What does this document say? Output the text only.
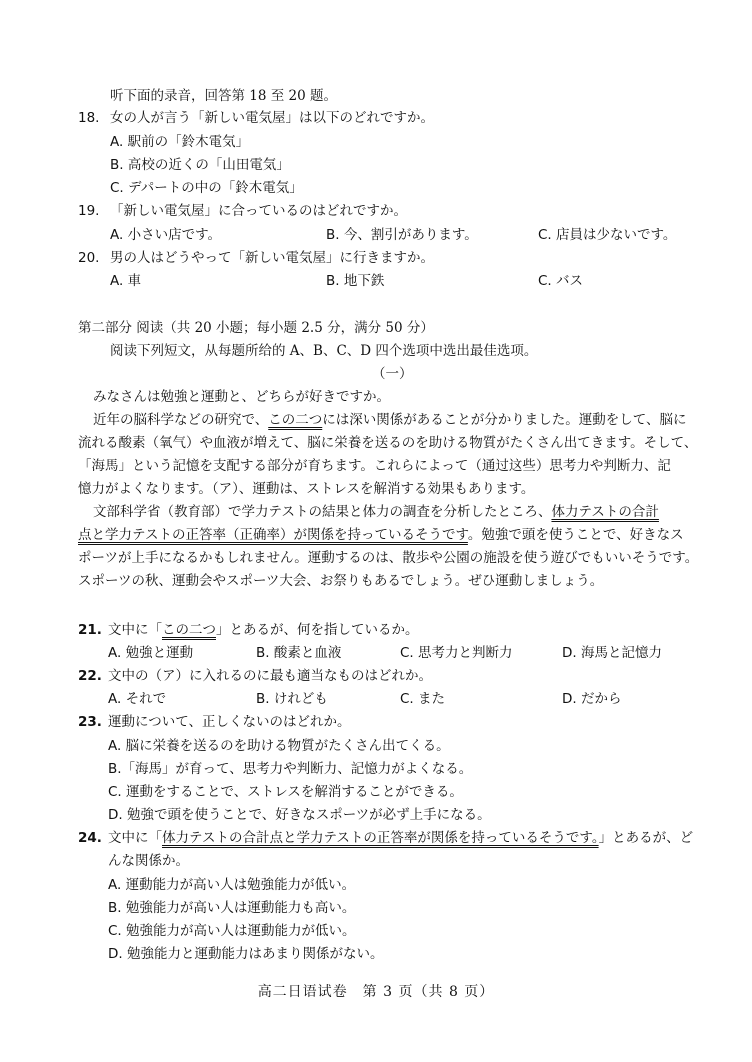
听下面的录音，回答第 18 至 20 题。
18. 女の人が言う「新しい電気屋」は以下のどれですか。
A. 駅前の「鈴木電気」
B. 高校の近くの「山田電気」
C. デパートの中の「鈴木電気」
19. 「新しい電気屋」に合っているのはどれですか。
A. 小さい店です。	B. 今、割引があります。	C. 店員は少ないです。
20. 男の人はどうやって「新しい電気屋」に行きますか。
A. 車	B. 地下鉄	C. バス
第二部分 阅读（共 20 小题；每小题 2.5 分，满分 50 分）
阅读下列短文，从每题所给的 A、B、C、D 四个选项中选出最佳选项。
（一）
みなさんは勉強と運動と、どちらが好きですか。
近年の脳科学などの研究で、この二つには深い関係があることが分かりました。運動をして、脳に
流れる酸素（氧气）や血液が増えて、脳に栄養を送るのを助ける物質がたくさん出てきます。そして、
「海馬」という記憶を支配する部分が育ちます。これらによって（通过这些）思考力や判断力、記
憶力がよくなります。（ア）、運動は、ストレスを解消する効果もあります。
文部科学省（教育部）で学力テストの結果と体力の調査を分析したところ、体力テストの合計
点と学力テストの正答率（正确率）が関係を持っているそうです。勉強で頭を使うことで、好きなス
ポーツが上手になるかもしれません。運動するのは、散歩や公園の施設を使う遊びでもいいそうです。
スポーツの秋、運動会やスポーツ大会、お祭りもあるでしょう。ぜひ運動しましょう。
21. 文中に「この二つ」とあるが、何を指しているか。
A. 勉強と運動	B. 酸素と血液	C. 思考力と判断力	D. 海馬と記憶力
22. 文中の（ア）に入れるのに最も適当なものはどれか。
A. それで	B. けれども	C. また	D. だから
23. 運動について、正しくないのはどれか。
A. 脳に栄養を送るのを助ける物質がたくさん出てくる。
B.「海馬」が育って、思考力や判断力、記憶力がよくなる。
C. 運動をすることで、ストレスを解消することができる。
D. 勉強で頭を使うことで、好きなスポーツが必ず上手になる。
24. 文中に「体力テストの合計点と学力テストの正答率が関係を持っているそうです。」とあるが、ど
んな関係か。
A. 運動能力が高い人は勉強能力が低い。
B. 勉強能力が高い人は運動能力も高い。
C. 勉強能力が高い人は運動能力が低い。
D. 勉強能力と運動能力はあまり関係がない。
高二日语试卷　第 3 页（共 8 页）
